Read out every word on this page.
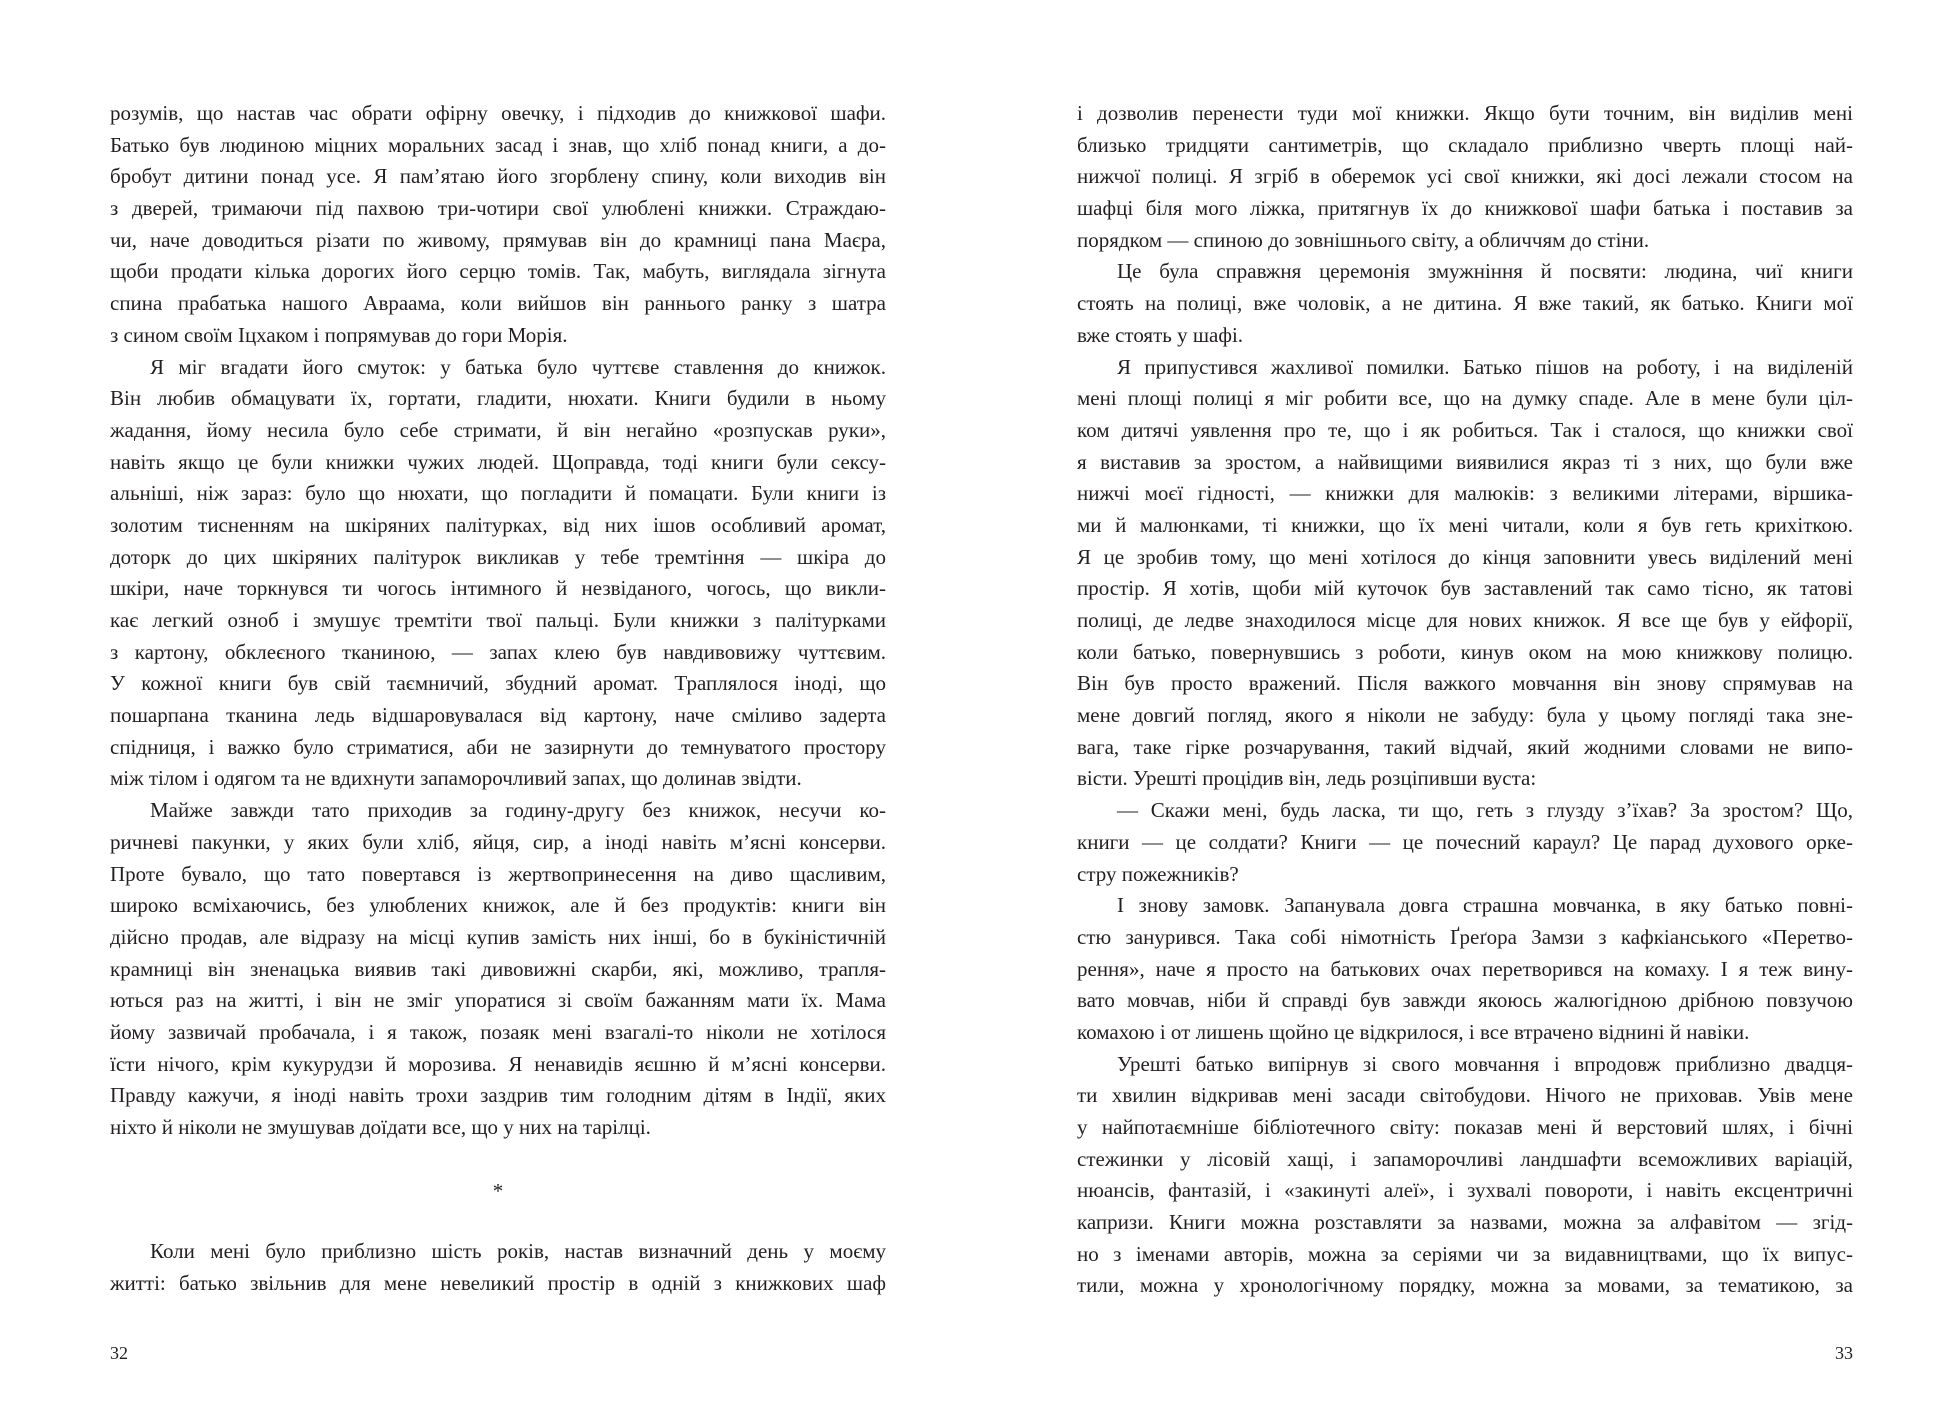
розумів, що настав час обрати офірну овечку, і підходив до книжкової шафи.
Батько був людиною міцних моральних засад і знав, що хліб понад книги, а до-
бробут дитини понад усе. Я пам’ятаю його згорблену спину, коли виходив він
з дверей, тримаючи під пахвою три-чотири свої улюблені книжки. Страждаю-
чи, наче доводиться різати по живому, прямував він до крамниці пана Маєра,
щоби продати кілька дорогих його серцю томів. Так, мабуть, виглядала зігнута
спина прабатька нашого Авраама, коли вийшов він раннього ранку з шатра
з сином своїм Іцхаком і попрямував до гори Морія.
Я міг вгадати його смуток: у батька було чуттєве ставлення до книжок.
Він любив обмацувати їх, гортати, гладити, нюхати. Книги будили в ньому
жадання, йому несила було себе стримати, й він негайно «розпускав руки»,
навіть якщо це були книжки чужих людей. Щоправда, тоді книги були сексу-
альніші, ніж зараз: було що нюхати, що погладити й помацати. Були книги із
золотим тисненням на шкіряних палітурках, від них ішов особливий аромат,
доторк до цих шкіряних палітурок викликав у тебе тремтіння — шкіра до
шкіри, наче торкнувся ти чогось інтимного й незвіданого, чогось, що викли-
кає легкий озноб і змушує тремтіти твої пальці. Були книжки з палітурками
з картону, обклеєного тканиною, — запах клею був навдивовижу чуттєвим.
У кожної книги був свій таємничий, збудний аромат. Траплялося іноді, що
пошарпана тканина ледь відшаровувалася від картону, наче сміливо задерта
спідниця, і важко було стриматися, аби не зазирнути до темнуватого простору
між тілом і одягом та не вдихнути запаморочливий запах, що долинав звідти.
Майже завжди тато приходив за годину-другу без книжок, несучи ко-
ричневі пакунки, у яких були хліб, яйця, сир, а іноді навіть м’ясні консерви.
Проте бувало, що тато повертався із жертвопринесення на диво щасливим,
широко всміхаючись, без улюблених книжок, але й без продуктів: книги він
дійсно продав, але відразу на місці купив замість них інші, бо в букіністичній
крамниці він зненацька виявив такі дивовижні скарби, які, можливо, трапля-
ються раз на житті, і він не зміг упоратися зі своїм бажанням мати їх. Мама
йому зазвичай пробачала, і я також, позаяк мені взагалі-то ніколи не хотілося
їсти нічого, крім кукурудзи й морозива. Я ненавидів яєшню й м’ясні консерви.
Правду кажучи, я іноді навіть трохи заздрив тим голодним дітям в Індії, яких
ніхто й ніколи не змушував доїдати все, що у них на тарілці.
*
Коли мені було приблизно шість років, настав визначний день у моєму
житті: батько звільнив для мене невеликий простір в одній з книжкових шаф
і дозволив перенести туди мої книжки. Якщо бути точним, він виділив мені
близько тридцяти сантиметрів, що складало приблизно чверть площі най-
нижчої полиці. Я згріб в оберемок усі свої книжки, які досі лежали стосом на
шафці біля мого ліжка, притягнув їх до книжкової шафи батька і поставив за
порядком — спиною до зовнішнього світу, а обличчям до стіни.
Це була справжня церемонія змужніння й посвяти: людина, чиї книги
стоять на полиці, вже чоловік, а не дитина. Я вже такий, як батько. Книги мої
вже стоять у шафі.
Я припустився жахливої помилки. Батько пішов на роботу, і на виділеній
мені площі полиці я міг робити все, що на думку спаде. Але в мене були ціл-
ком дитячі уявлення про те, що і як робиться. Так і сталося, що книжки свої
я виставив за зростом, а найвищими виявилися якраз ті з них, що були вже
нижчі моєї гідності, — книжки для малюків: з великими літерами, віршика-
ми й малюнками, ті книжки, що їх мені читали, коли я був геть крихіткою.
Я це зробив тому, що мені хотілося до кінця заповнити увесь виділений мені
простір. Я хотів, щоби мій куточок був заставлений так само тісно, як татові
полиці, де ледве знаходилося місце для нових книжок. Я все ще був у ейфорії,
коли батько, повернувшись з роботи, кинув оком на мою книжкову полицю.
Він був просто вражений. Після важкого мовчання він знову спрямував на
мене довгий погляд, якого я ніколи не забуду: була у цьому погляді така зне-
вага, таке гірке розчарування, такий відчай, який жодними словами не випо-
вісти. Урешті процідив він, ледь розціпивши вуста:
— Скажи мені, будь ласка, ти що, геть з глузду з’їхав? За зростом? Що,
книги — це солдати? Книги — це почесний караул? Це парад духового орке-
стру пожежників?
І знову замовк. Запанувала довга страшна мовчанка, в яку батько повні-
стю занурився. Така собі німотність Ґреґора Замзи з кафкіанського «Перетво-
рення», наче я просто на батькових очах перетворився на комаху. І я теж вину-
вато мовчав, ніби й справді був завжди якоюсь жалюгідною дрібною повзучою
комахою і от лишень щойно це відкрилося, і все втрачено віднині й навіки.
Урешті батько випірнув зі свого мовчання і впродовж приблизно двадця-
ти хвилин відкривав мені засади світобудови. Нічого не приховав. Увів мене
у найпотаємніше бібліотечного світу: показав мені й верстовий шлях, і бічні
стежинки у лісовій хащі, і запаморочливі ландшафти всеможливих варіацій,
нюансів, фантазій, і «закинуті алеї», і зухвалі повороти, і навіть ексцентричні
капризи. Книги можна розставляти за назвами, можна за алфавітом — згід-
но з іменами авторів, можна за серіями чи за видавництвами, що їх випус-
тили, можна у хронологічному порядку, можна за мовами, за тематикою, за
32	33
